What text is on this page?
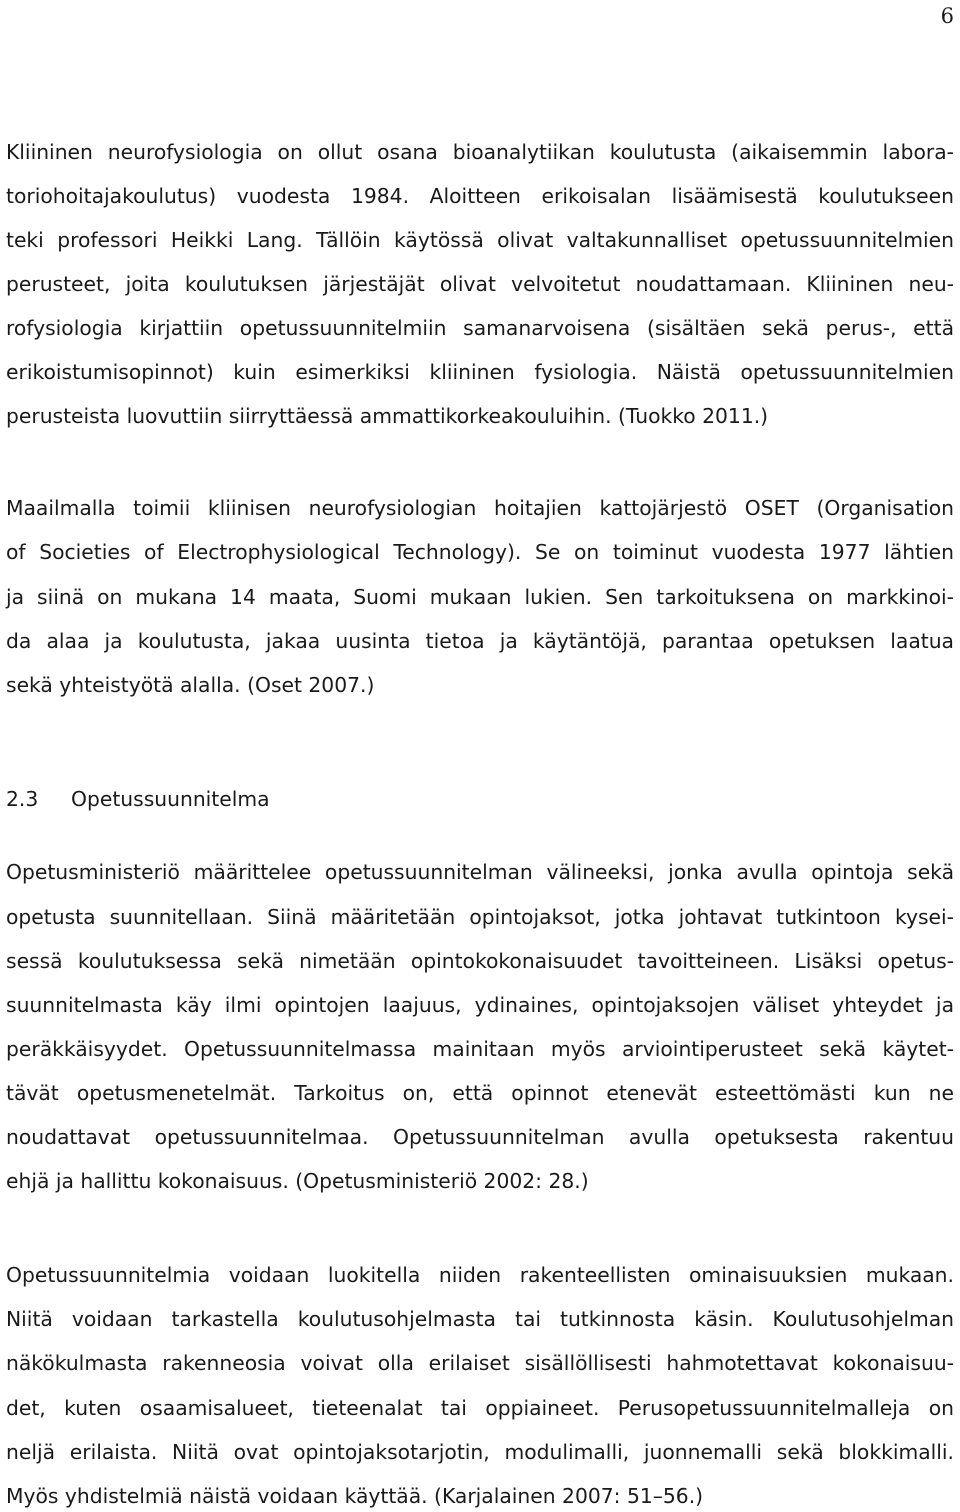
6

Kliininen neurofysiologia on ollut osana bioanalytiikan koulutusta (aikaisemmin labora-

toriohoitajakoulutus) vuodesta 1984. Aloitteen erikoisalan lisäämisestä koulutukseen

teki professori Heikki Lang. Tällöin käytössä olivat valtakunnalliset opetussuunnitelmien

perusteet, joita koulutuksen järjestäjät olivat velvoitetut noudattamaan. Kliininen neu-

rofysiologia kirjattiin opetussuunnitelmiin samanarvoisena (sisältäen sekä perus-, että

erikoistumisopinnot) kuin esimerkiksi kliininen fysiologia. Näistä opetussuunnitelmien

perusteista luovuttiin siirryttäessä ammattikorkeakouluihin. (Tuokko 2011.)

Maailmalla toimii kliinisen neurofysiologian hoitajien kattojärjestö OSET (Organisation

of Societies of Electrophysiological Technology). Se on toiminut vuodesta 1977 lähtien

ja siinä on mukana 14 maata, Suomi mukaan lukien. Sen tarkoituksena on markkinoi-

da alaa ja koulutusta, jakaa uusinta tietoa ja käytäntöjä, parantaa opetuksen laatua

sekä yhteistyötä alalla. (Oset 2007.)

2.3 Opetussuunnitelma

Opetusministeriö määrittelee opetussuunnitelman välineeksi, jonka avulla opintoja sekä

opetusta suunnitellaan. Siinä määritetään opintojaksot, jotka johtavat tutkintoon kysei-

sessä koulutuksessa sekä nimetään opintokokonaisuudet tavoitteineen. Lisäksi opetus-

suunnitelmasta käy ilmi opintojen laajuus, ydinaines, opintojaksojen väliset yhteydet ja

peräkkäisyydet. Opetussuunnitelmassa mainitaan myös arviointiperusteet sekä käytet-

tävät opetusmenetelmät. Tarkoitus on, että opinnot etenevät esteettömästi kun ne

noudattavat opetussuunnitelmaa. Opetussuunnitelman avulla opetuksesta rakentuu

ehjä ja hallittu kokonaisuus. (Opetusministeriö 2002: 28.)

Opetussuunnitelmia voidaan luokitella niiden rakenteellisten ominaisuuksien mukaan.

Niitä voidaan tarkastella koulutusohjelmasta tai tutkinnosta käsin. Koulutusohjelman

näkökulmasta rakenneosia voivat olla erilaiset sisällöllisesti hahmotettavat kokonaisuu-

det, kuten osaamisalueet, tieteenalat tai oppiaineet. Perusopetussuunnitelmalleja on

neljä erilaista. Niitä ovat opintojaksotarjotin, modulimalli, juonnemalli sekä blokkimalli.

Myös yhdistelmiä näistä voidaan käyttää. (Karjalainen 2007: 51–56.)
